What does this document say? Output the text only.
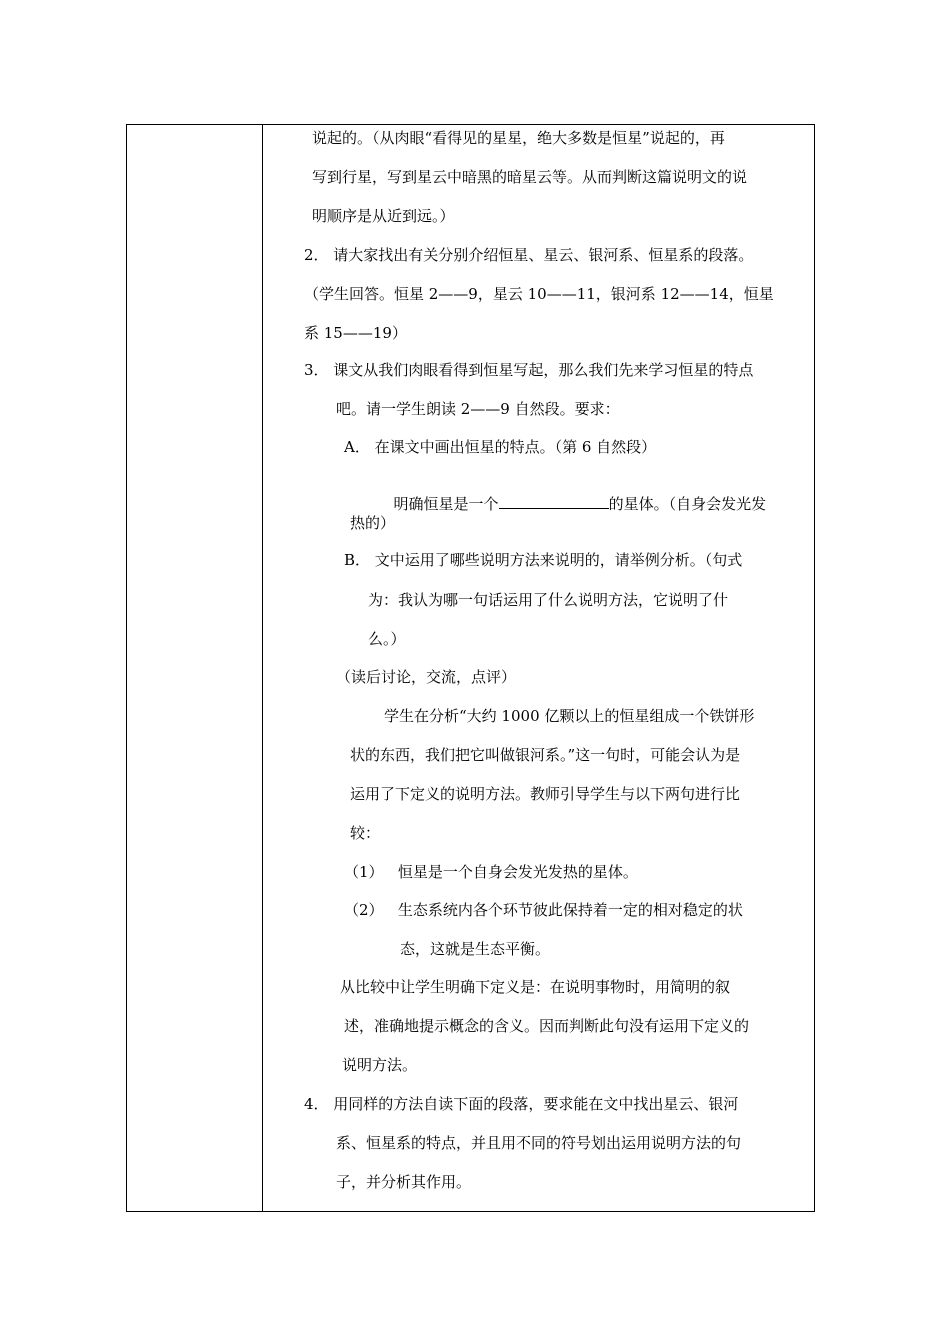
说起的。（从肉眼“看得见的星星，绝大多数是恒星”说起的，再
写到行星，写到星云中暗黑的暗星云等。从而判断这篇说明文的说
明顺序是从近到远。）
2． 请大家找出有关分别介绍恒星、星云、银河系、恒星系的段落。
（学生回答。恒星 2——9，星云 10——11，银河系 12——14，恒星
系 15——19）
3． 课文从我们肉眼看得到恒星写起，那么我们先来学习恒星的特点
吧。请一学生朗读 2——9 自然段。要求：
A． 在课文中画出恒星的特点。（第 6 自然段）

明确恒星是一个	的星体。（自身会发光发

热的）
B． 文中运用了哪些说明方法来说明的，请举例分析。（句式
为：我认为哪一句话运用了什么说明方法，它说明了什
么。）
（读后讨论，交流，点评）
学生在分析“大约 1000 亿颗以上的恒星组成一个铁饼形
状的东西，我们把它叫做银河系。”这一句时，可能会认为是
运用了下定义的说明方法。教师引导学生与以下两句进行比
较：
（1）   恒星是一个自身会发光发热的星体。
（2）   生态系统内各个环节彼此保持着一定的相对稳定的状
态，这就是生态平衡。
从比较中让学生明确下定义是：在说明事物时，用简明的叙
述，准确地提示概念的含义。因而判断此句没有运用下定义的
说明方法。
4． 用同样的方法自读下面的段落，要求能在文中找出星云、银河
系、恒星系的特点，并且用不同的符号划出运用说明方法的句
子，并分析其作用。
